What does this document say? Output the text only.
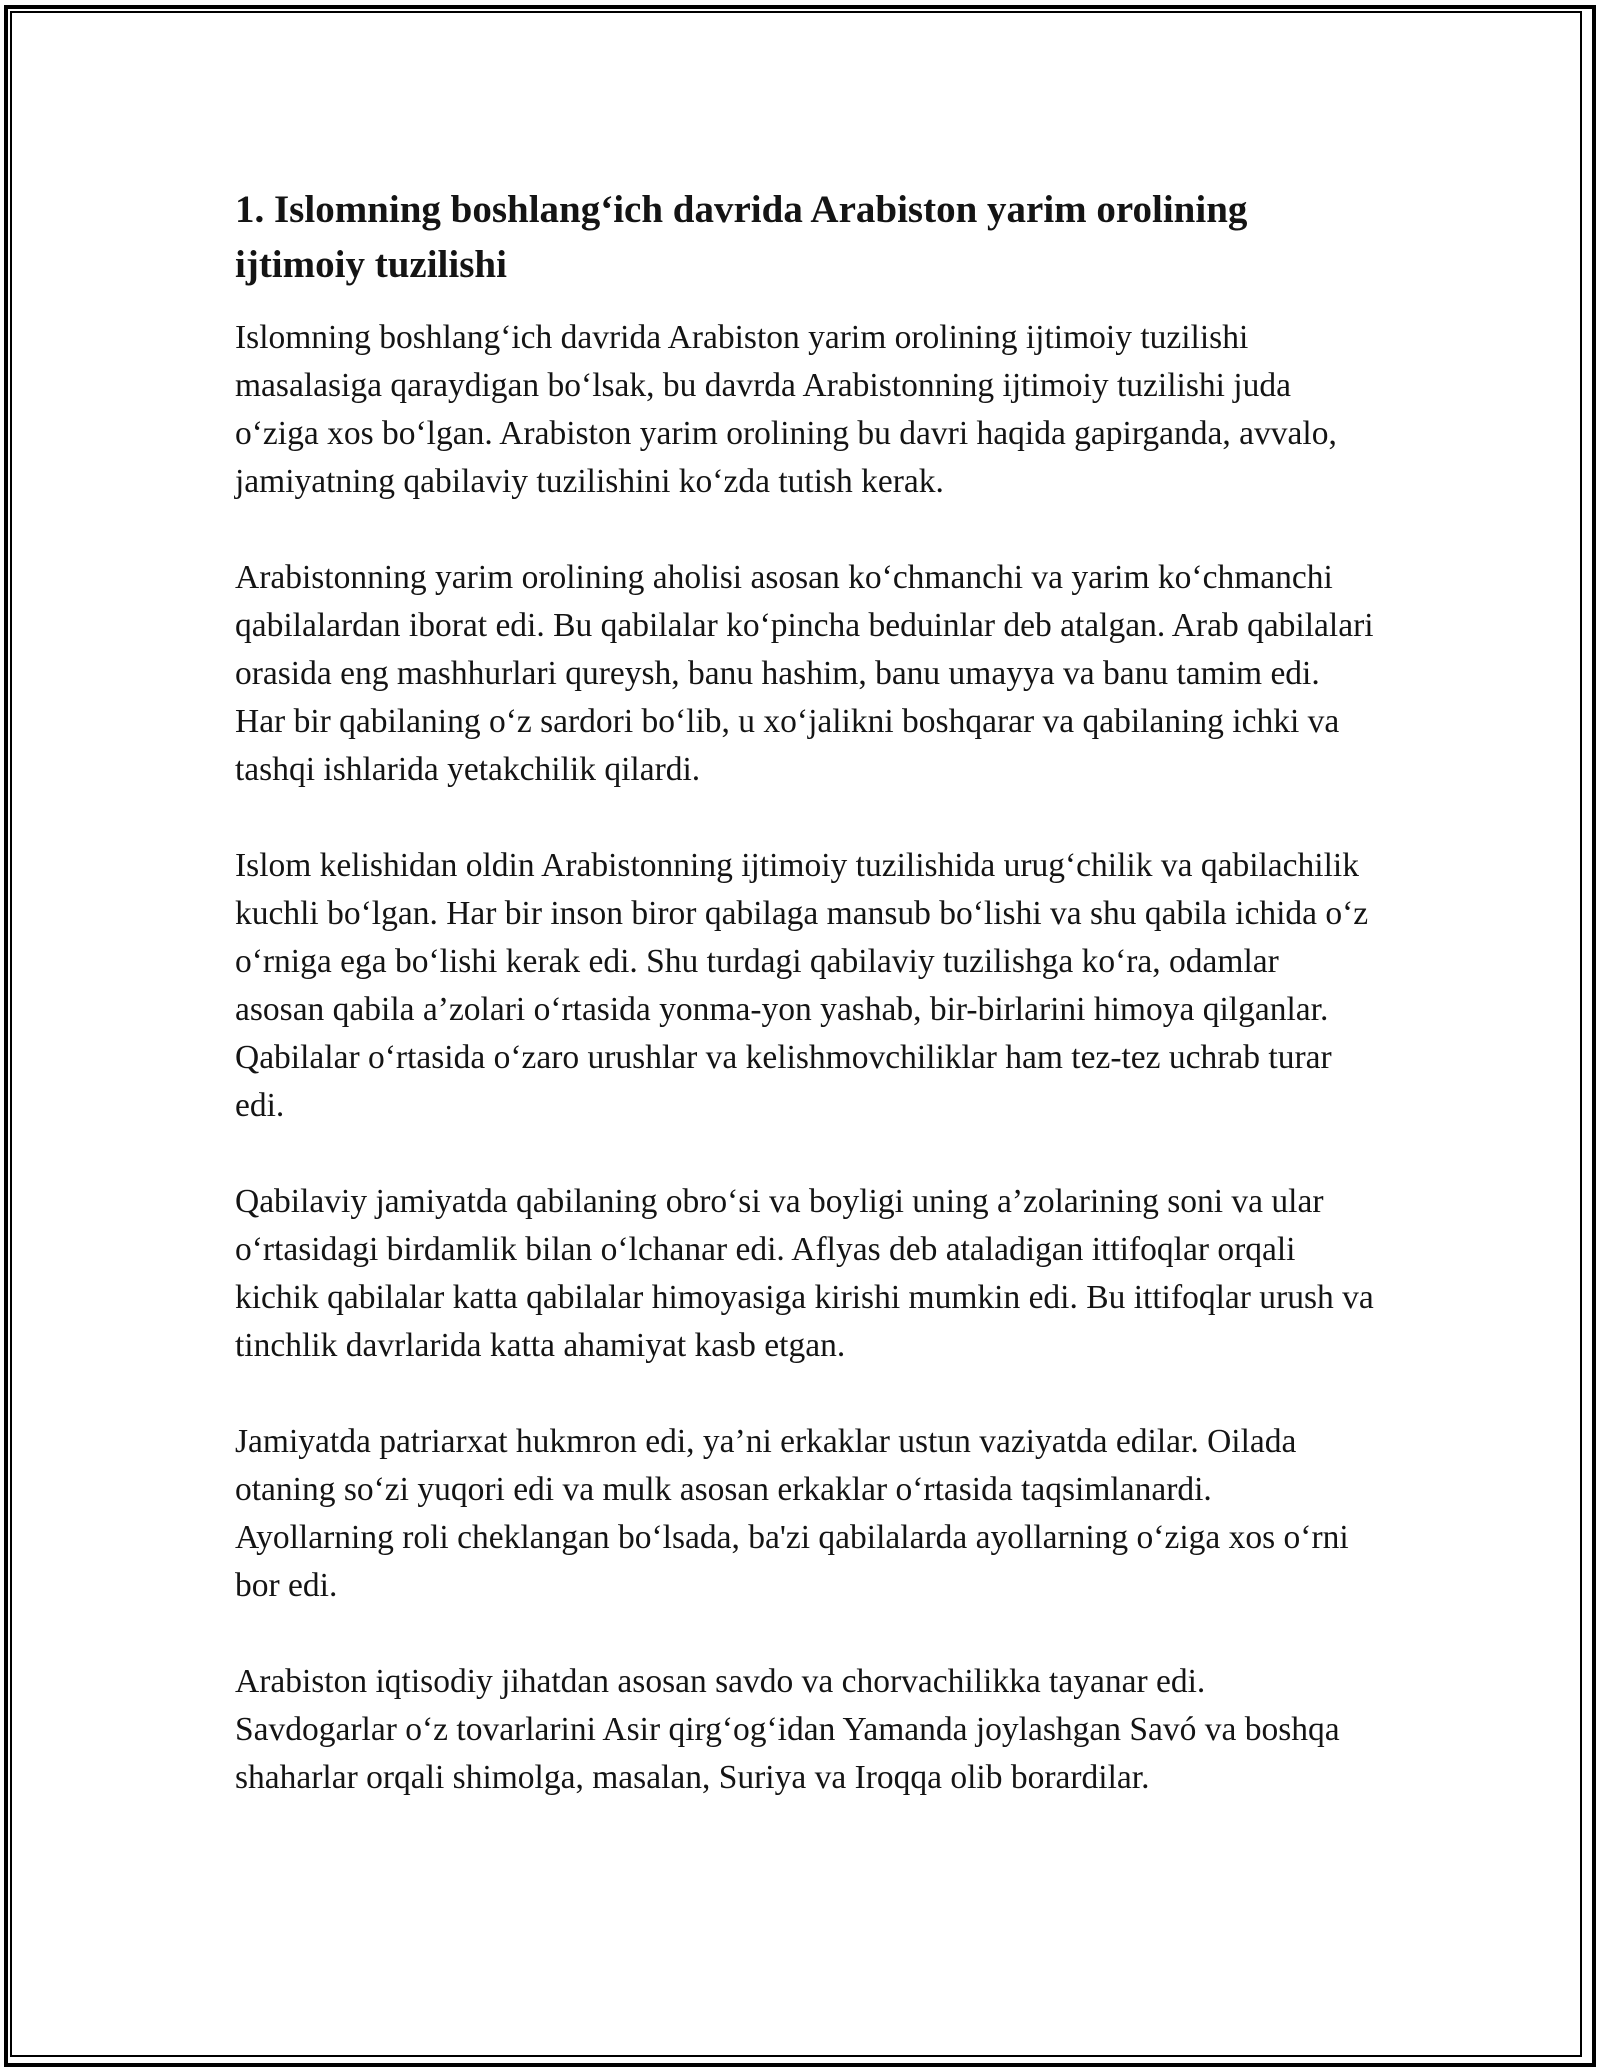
1. Islomning boshlang‘ich davrida Arabiston yarim orolining ijtimoiy tuzilishi

Islomning boshlang‘ich davrida Arabiston yarim orolining ijtimoiy tuzilishi masalasiga qaraydigan bo‘lsak, bu davrda Arabistonning ijtimoiy tuzilishi juda o‘ziga xos bo‘lgan. Arabiston yarim orolining bu davri haqida gapirganda, avvalo, jamiyatning qabilaviy tuzilishini ko‘zda tutish kerak.

Arabistonning yarim orolining aholisi asosan ko‘chmanchi va yarim ko‘chmanchi qabilalardan iborat edi. Bu qabilalar ko‘pincha beduinlar deb atalgan. Arab qabilalari orasida eng mashhurlari qureysh, banu hashim, banu umayya va banu tamim edi. Har bir qabilaning o‘z sardori bo‘lib, u xo‘jalikni boshqarar va qabilaning ichki va tashqi ishlarida yetakchilik qilardi.

Islom kelishidan oldin Arabistonning ijtimoiy tuzilishida urug‘chilik va qabilachilik kuchli bo‘lgan. Har bir inson biror qabilaga mansub bo‘lishi va shu qabila ichida o‘z o‘rniga ega bo‘lishi kerak edi. Shu turdagi qabilaviy tuzilishga ko‘ra, odamlar asosan qabila a’zolari o‘rtasida yonma-yon yashab, bir-birlarini himoya qilganlar. Qabilalar o‘rtasida o‘zaro urushlar va kelishmovchiliklar ham tez-tez uchrab turar edi.

Qabilaviy jamiyatda qabilaning obro‘si va boyligi uning a’zolarining soni va ular o‘rtasidagi birdamlik bilan o‘lchanar edi. Aflyas deb ataladigan ittifoqlar orqali kichik qabilalar katta qabilalar himoyasiga kirishi mumkin edi. Bu ittifoqlar urush va tinchlik davrlarida katta ahamiyat kasb etgan.

Jamiyatda patriarxat hukmron edi, ya’ni erkaklar ustun vaziyatda edilar. Oilada otaning so‘zi yuqori edi va mulk asosan erkaklar o‘rtasida taqsimlanardi. Ayollarning roli cheklangan bo‘lsada, ba'zi qabilalarda ayollarning o‘ziga xos o‘rni bor edi.

Arabiston iqtisodiy jihatdan asosan savdo va chorvachilikka tayanar edi. Savdogarlar o‘z tovarlarini Asir qirg‘og‘idan Yamanda joylashgan Savó va boshqa shaharlar orqali shimolga, masalan, Suriya va Iroqqa olib borardilar.
